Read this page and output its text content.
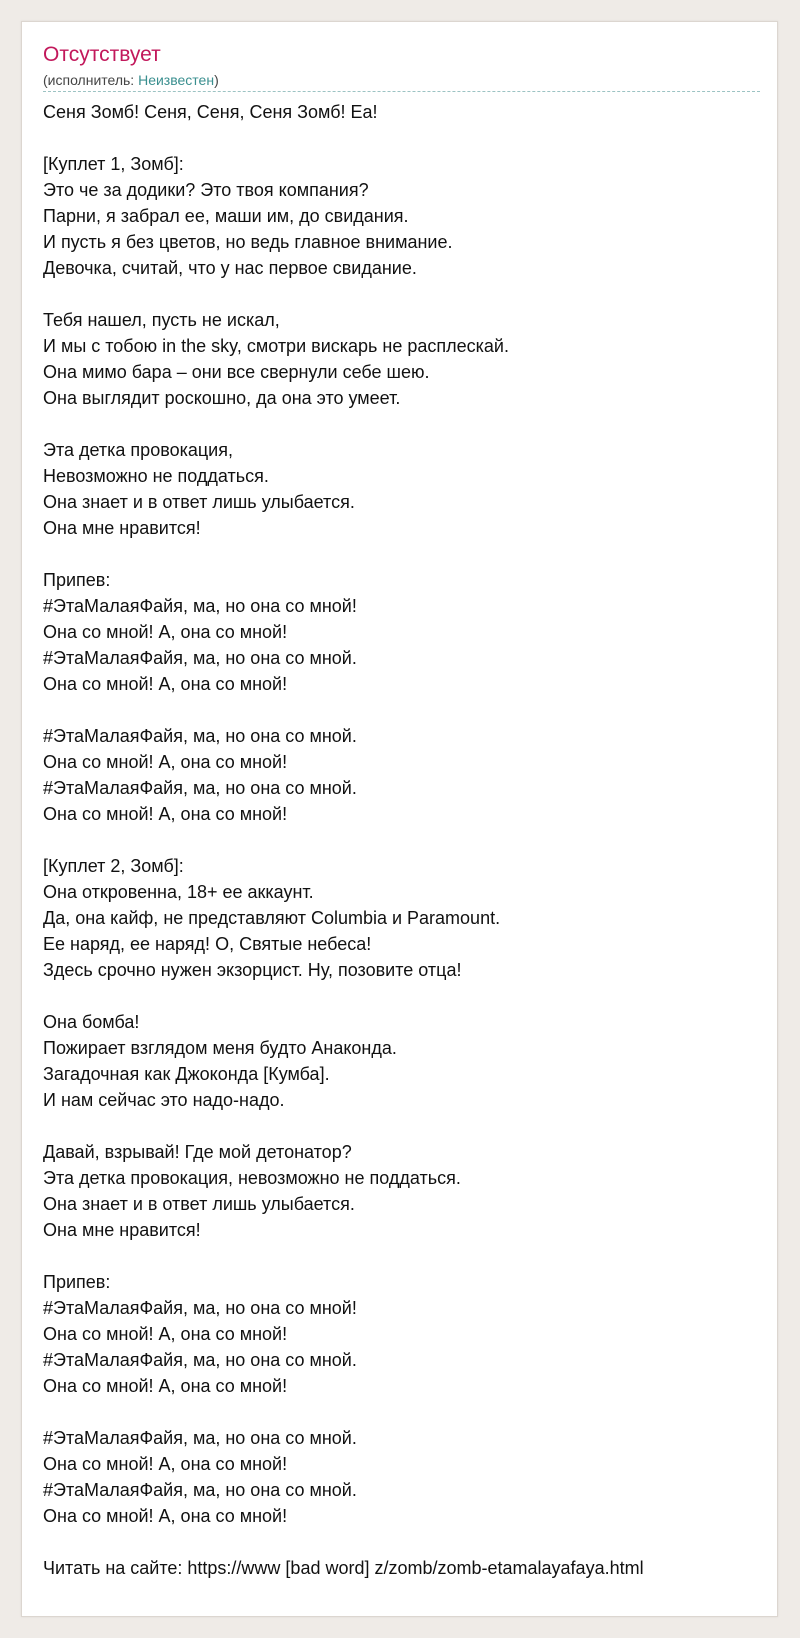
Отсутствует
(исполнитель: Неизвестен)
Сеня Зомб! Сеня, Сеня, Сеня Зомб! Еа!
[Куплет 1, Зомб]:
Это че за додики? Это твоя компания?
Парни, я забрал ее, маши им, до свидания.
И пусть я без цветов, но ведь главное внимание.
Девочка, считай, что у нас первое свидание.
Тебя нашел, пусть не искал,
И мы с тобою in the sky, смотри вискарь не расплескай.
Она мимо бара – они все свернули себе шею.
Она выглядит роскошно, да она это умеет.
Эта детка провокация,
Невозможно не поддаться.
Она знает и в ответ лишь улыбается.
Она мне нравится!
Припев:
#ЭтаМалаяФайя, ма, но она со мной!
Она со мной! А, она со мной!
#ЭтаМалаяФайя, ма, но она со мной.
Она со мной! А, она со мной!
#ЭтаМалаяФайя, ма, но она со мной.
Она со мной! А, она со мной!
#ЭтаМалаяФайя, ма, но она со мной.
Она со мной! А, она со мной!
[Куплет 2, Зомб]:
Она откровенна, 18+ ее аккаунт.
Да, она кайф, не представляют Columbia и Paramount.
Ее наряд, ее наряд! О, Святые небеса!
Здесь срочно нужен экзорцист. Ну, позовите отца!
Она бомба!
Пожирает взглядом меня будто Анаконда.
Загадочная как Джоконда [Кумба].
И нам сейчас это надо-надо.
Давай, взрывай! Где мой детонатор?
Эта детка провокация, невозможно не поддаться.
Она знает и в ответ лишь улыбается.
Она мне нравится!
Припев:
#ЭтаМалаяФайя, ма, но она со мной!
Она со мной! А, она со мной!
#ЭтаМалаяФайя, ма, но она со мной.
Она со мной! А, она со мной!
#ЭтаМалаяФайя, ма, но она со мной.
Она со мной! А, она со мной!
#ЭтаМалаяФайя, ма, но она со мной.
Она со мной! А, она со мной!
Читать на сайте: https://www [bad word] z/zomb/zomb-etamalayafaya.html
